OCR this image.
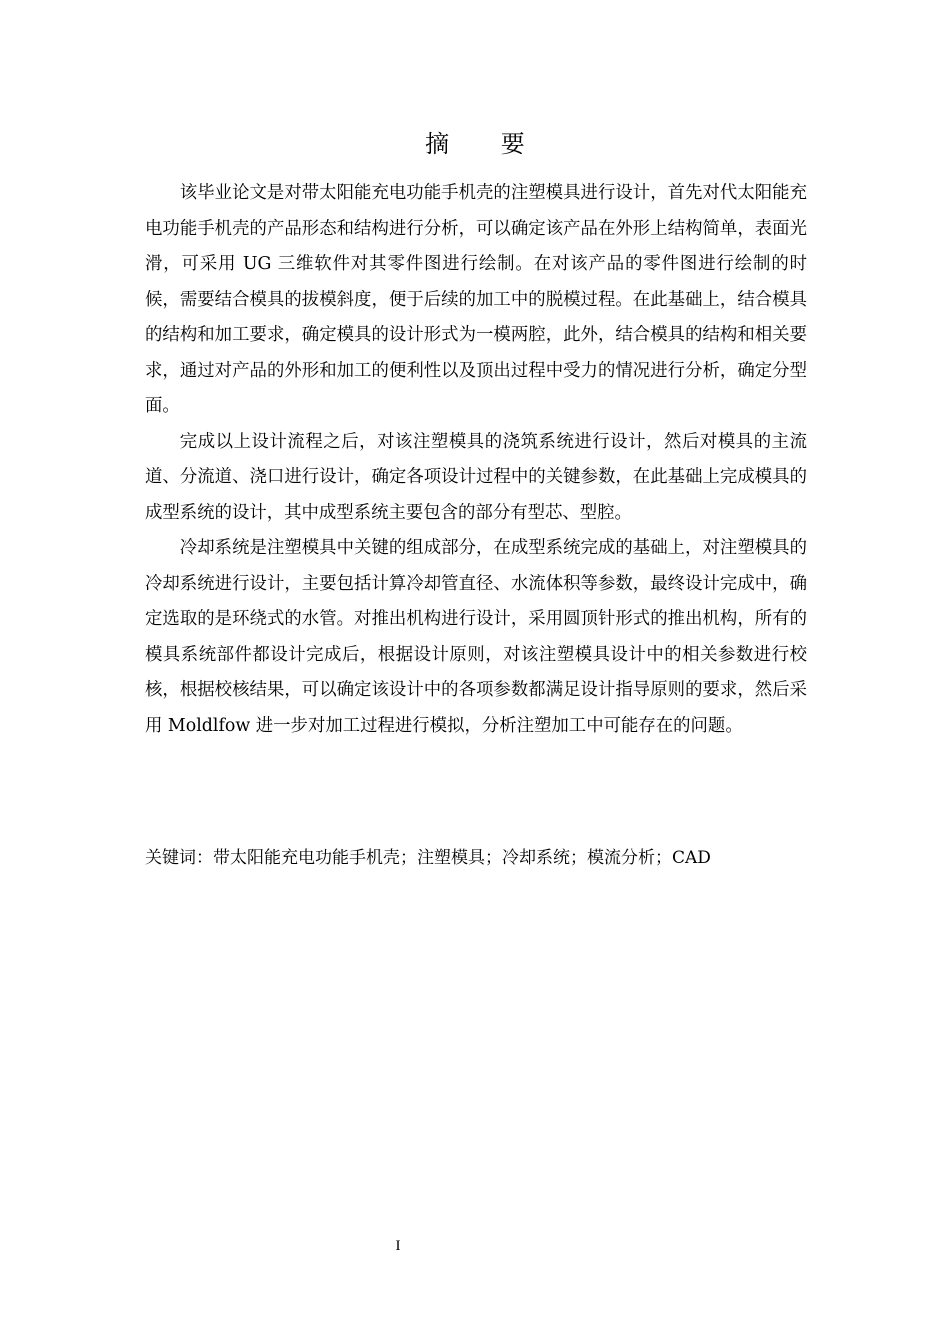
摘 要

该毕业论文是对带太阳能充电功能手机壳的注塑模具进行设计，首先对代太阳能充电功能手机壳的产品形态和结构进行分析，可以确定该产品在外形上结构简单，表面光滑，可采用 UG 三维软件对其零件图进行绘制。在对该产品的零件图进行绘制的时候，需要结合模具的拔模斜度，便于后续的加工中的脱模过程。在此基础上，结合模具的结构和加工要求，确定模具的设计形式为一模两腔，此外，结合模具的结构和相关要求，通过对产品的外形和加工的便利性以及顶出过程中受力的情况进行分析，确定分型面。

完成以上设计流程之后，对该注塑模具的浇筑系统进行设计，然后对模具的主流道、分流道、浇口进行设计，确定各项设计过程中的关键参数，在此基础上完成模具的成型系统的设计，其中成型系统主要包含的部分有型芯、型腔。

冷却系统是注塑模具中关键的组成部分，在成型系统完成的基础上，对注塑模具的冷却系统进行设计，主要包括计算冷却管直径、水流体积等参数，最终设计完成中，确定选取的是环绕式的水管。对推出机构进行设计，采用圆顶针形式的推出机构，所有的模具系统部件都设计完成后，根据设计原则，对该注塑模具设计中的相关参数进行校核，根据校核结果，可以确定该设计中的各项参数都满足设计指导原则的要求，然后采用 Moldlfow 进一步对加工过程进行模拟，分析注塑加工中可能存在的问题。

关键词：带太阳能充电功能手机壳；注塑模具；冷却系统；模流分析；CAD
I
